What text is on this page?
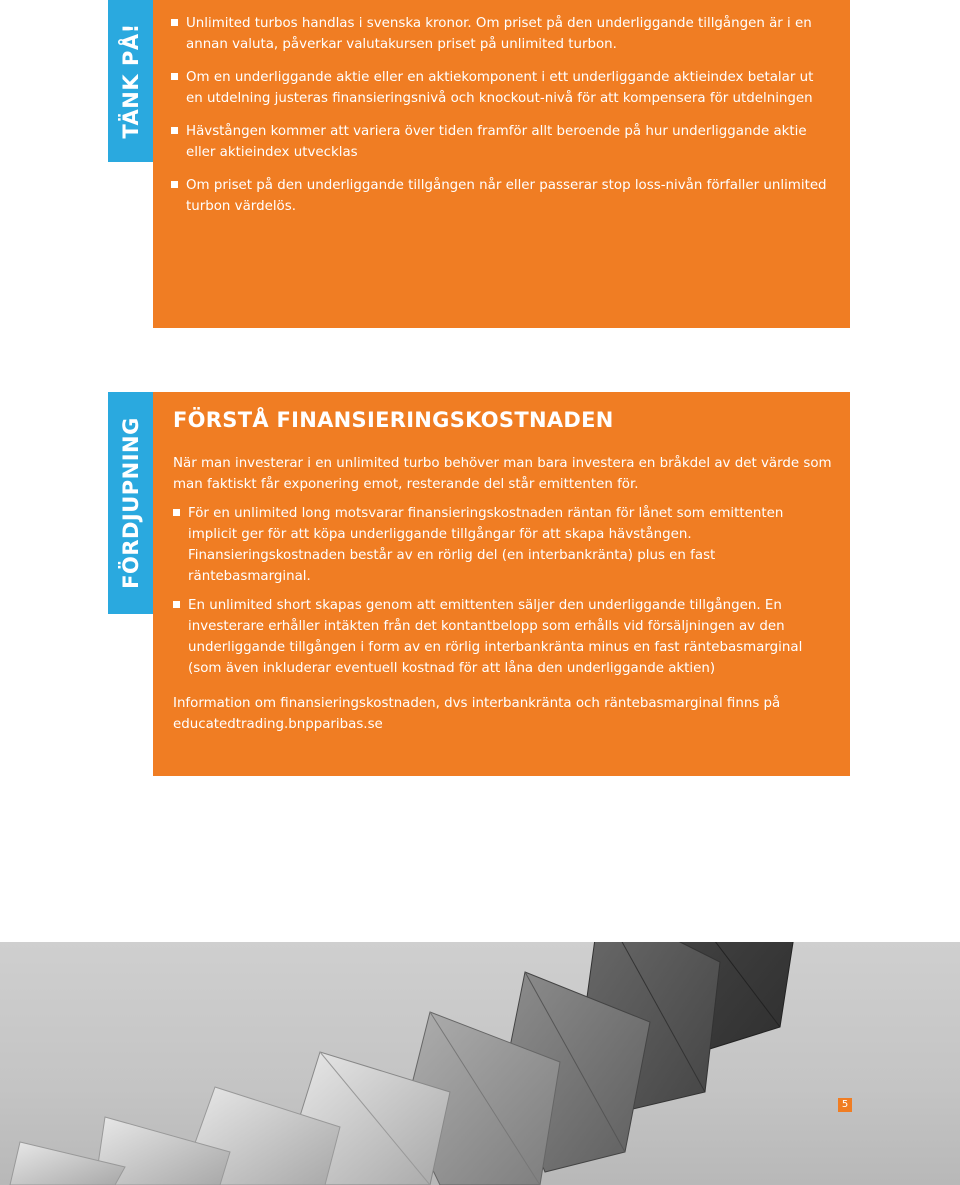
TÄNK PÅ!	Unlimited turbos handlas i svenska kronor. Om priset på den underliggande tillgången är i en annan valuta, påverkar valutakursen priset på unlimited turbon.
Om en underliggande aktie eller en aktiekomponent i ett underliggande aktieindex betalar ut en utdelning justeras finansieringsnivå och knockout-nivå för att kompensera för utdelningen
Hävstången kommer att variera över tiden framför allt beroende på hur underliggande aktie eller aktieindex utvecklas
Om priset på den underliggande tillgången når eller passerar stop loss-nivån förfaller unlimited turbon värdelös.
FÖRDJUPNING FÖRSTÅ FINANSIERINGSKOSTNADEN

När man investerar i en unlimited turbo behöver man bara investera en bråkdel av det värde som man faktiskt får exponering emot, resterande del står emittenten för.

För en unlimited long motsvarar finansieringskostnaden räntan för lånet som emittenten implicit ger för att köpa underliggande tillgångar för att skapa hävstången. Finansieringskostnaden består av en rörlig del (en interbankränta) plus en fast räntebasmarginal.
En unlimited short skapas genom att emittenten säljer den underliggande tillgången. En investerare erhåller intäkten från det kontantbelopp som erhålls vid försäljningen av den underliggande tillgången i form av en rörlig interbankränta minus en fast räntebasmarginal (som även inkluderar eventuell kostnad för att låna den underliggande aktien)

Information om finansieringskostnaden, dvs interbankränta och räntebasmarginal finns på educatedtrading.bnpparibas.se

5
